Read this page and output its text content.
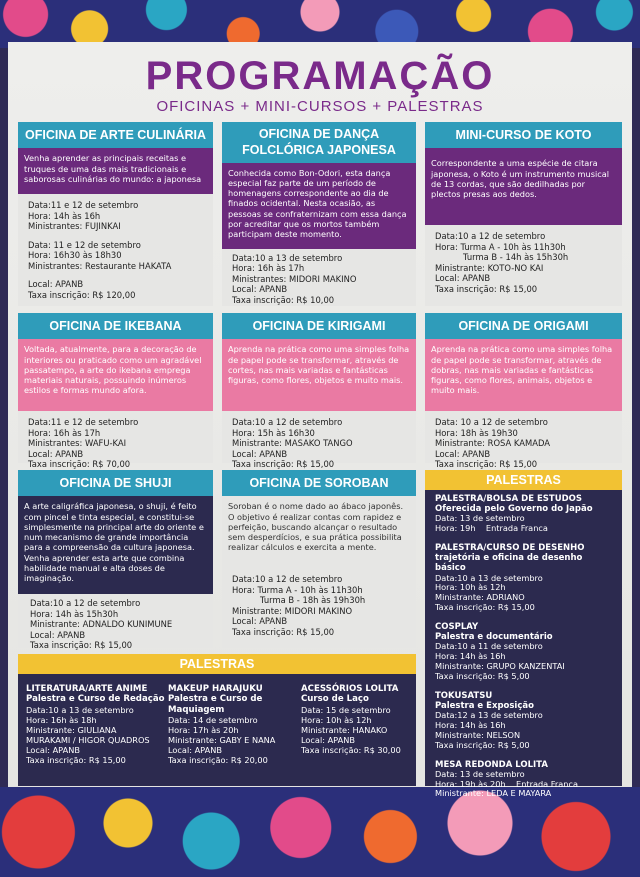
PROGRAMAÇÃO
OFICINAS + MINI-CURSOS + PALESTRAS
OFICINA DE ARTE CULINÁRIA
Venha aprender as principais receitas e truques de uma das mais tradicionais e saborosas culinárias do mundo: a japonesa
Data:11 e 12 de setembro
Hora: 14h às 16h
Ministrantes: FUJINKAI
Data: 11 e 12 de setembro
Hora: 16h30 às 18h30
Ministrantes: Restaurante HAKATA
Local: APANB
Taxa inscrição: R$ 120,00
OFICINA DE DANÇA FOLCLÓRICA JAPONESA
Conhecida como Bon-Odori, esta dança especial faz parte de um período de homenagens correspondente ao dia de finados ocidental. Nesta ocasião, as pessoas se confraternizam com essa dança por acreditar que os mortos também participam deste momento.
Data:10 a 13 de setembro
Hora: 16h às 17h
Ministrantes: MIDORI MAKINO
Local: APANB
Taxa inscrição: R$ 10,00
MINI-CURSO DE KOTO
Correspondente a uma espécie de citara japonesa, o Koto é um instrumento musical de 13 cordas, que são dedilhadas por plectos presas aos dedos.
Data:10 a 12 de setembro
Hora: Turma A - 10h às 11h30h
Turma B - 14h às 15h30h
Ministrante: KOTO-NO KAI
Local: APANB
Taxa inscrição: R$ 15,00
OFICINA DE IKEBANA
Voltada, atualmente, para a decoração de interiores ou praticado como um agradável passatempo, a arte do ikebana emprega materiais naturais, possuindo inúmeros estilos e formas mundo afora.
Data:11 e 12 de setembro
Hora: 16h às 17h
Ministrantes: WAFU-KAI
Local: APANB
Taxa inscrição: R$ 70,00
OFICINA DE KIRIGAMI
Aprenda na prática como uma simples folha de papel pode se transformar, através de cortes, nas mais variadas e fantásticas figuras, como flores, objetos e muito mais.
Data:10 a 12 de setembro
Hora: 15h às 16h30
Ministrante: MASAKO TANGO
Local: APANB
Taxa inscrição: R$ 15,00
OFICINA DE ORIGAMI
Aprenda na prática como uma simples folha de papel pode se transformar, através de dobras, nas mais variadas e fantásticas figuras, como flores, animais, objetos e muito mais.
Data: 10 a 12 de setembro
Hora: 18h às 19h30
Ministrante: ROSA KAMADA
Local: APANB
Taxa inscrição: R$ 15,00
OFICINA DE SHUJI
A arte caligráfica japonesa, o shuji, é feito com pincel e tinta especial, e constitui-se simplesmente na principal arte do oriente e num mecanismo de grande importância para a compreensão da cultura japonesa. Venha aprender esta arte que combina habilidade manual e alta doses de imaginação.
Data:10 a 12 de setembro
Hora: 14h às 15h30h
Ministrante: ADNALDO KUNIMUNE
Local: APANB
Taxa inscrição: R$ 15,00
OFICINA DE SOROBAN
Soroban é o nome dado ao ábaco japonês. O objetivo é realizar contas com rapidez e perfeição, buscando alcançar o resultado sem desperdícios, e sua prática possibilita realizar cálculos e exercita a mente.
Data:10 a 12 de setembro
Hora: Turma A - 10h às 11h30h
Turma B - 18h às 19h30h
Ministrante: MIDORI MAKINO
Local: APANB
Taxa inscrição: R$ 15,00
PALESTRAS
LITERATURA/ARTE ANIME
Palestra e Curso de Redação
Data:10 a 13 de setembro
Hora: 16h às 18h
Ministrante: GIULIANA
MURAKAMI / HIGOR QUADROS
Local: APANB
Taxa inscrição: R$ 15,00
MAKEUP HARAJUKU
Palestra e Curso de
Maquiagem
Data: 14 de setembro
Hora: 17h às 20h
Ministrante: GABY E NANA
Local: APANB
Taxa inscrição: R$ 20,00
ACESSÓRIOS LOLITA
Curso de Laço
Data: 15 de setembro
Hora: 10h às 12h
Ministrante: HANAKO
Local: APANB
Taxa inscrição: R$ 30,00
PALESTRAS
PALESTRA/BOLSA DE ESTUDOS
Oferecida pelo Governo do Japão
Data: 13 de setembro
Hora: 19h    Entrada Franca
PALESTRA/CURSO DE DESENHO
trajetória e oficina de desenho básico
Data:10 a 13 de setembro
Hora: 10h às 12h
Ministrante: ADRIANO
Taxa inscrição: R$ 15,00
COSPLAY
Palestra e documentário
Data:10 a 11 de setembro
Hora: 14h às 16h
Ministrante: GRUPO KANZENTAI
Taxa inscrição: R$ 5,00
TOKUSATSU
Palestra e Exposição
Data:12 a 13 de setembro
Hora: 14h às 16h
Ministrante: NELSON
Taxa inscrição: R$ 5,00
MESA REDONDA LOLITA
Data: 13 de setembro
Hora: 19h às 20h    Entrada Franca
Ministrante: LEDA E MAYARA
